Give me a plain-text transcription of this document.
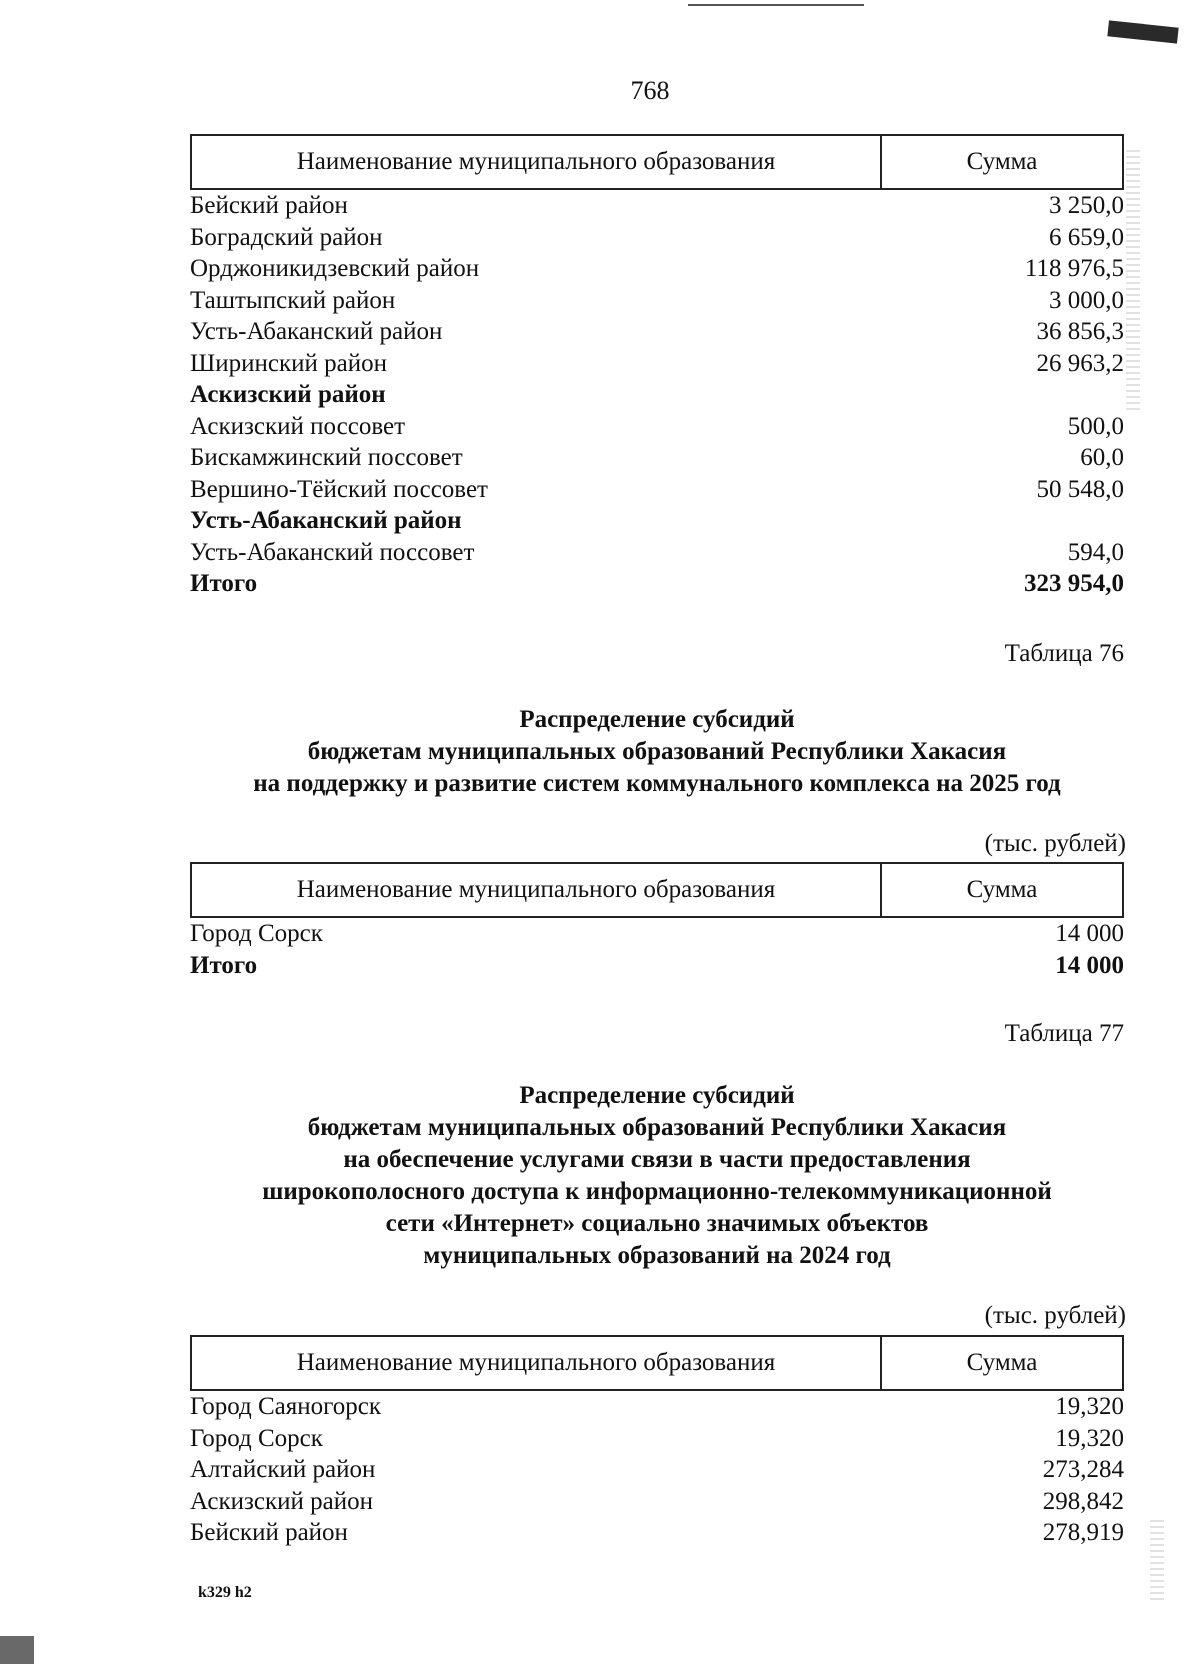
768
Наименование муниципального образования	Сумма
Бейский район	3 250,0
Боградский район	6 659,0
Орджоникидзевский район	118 976,5
Таштыпский район	3 000,0
Усть-Абаканский район	36 856,3
Ширинский район	26 963,2
Аскизский район
Аскизский поссовет	500,0
Бискамжинский поссовет	60,0
Вершино-Тёйский поссовет	50 548,0
Усть-Абаканский район
Усть-Абаканский поссовет	594,0
Итого	323 954,0
Таблица 76
Распределение субсидий
бюджетам муниципальных образований Республики Хакасия
на поддержку и развитие систем коммунального комплекса на 2025 год
(тыс. рублей)
Наименование муниципального образования	Сумма
Город Сорск	14 000
Итого	14 000
Таблица 77
Распределение субсидий
бюджетам муниципальных образований Республики Хакасия
на обеспечение услугами связи в части предоставления
широкополосного доступа к информационно-телекоммуникационной
сети «Интернет» социально значимых объектов
муниципальных образований на 2024 год
(тыс. рублей)
Наименование муниципального образования	Сумма
Город Саяногорск	19,320
Город Сорск	19,320
Алтайский район	273,284
Аскизский район	298,842
Бейский район	278,919
k329 h2
